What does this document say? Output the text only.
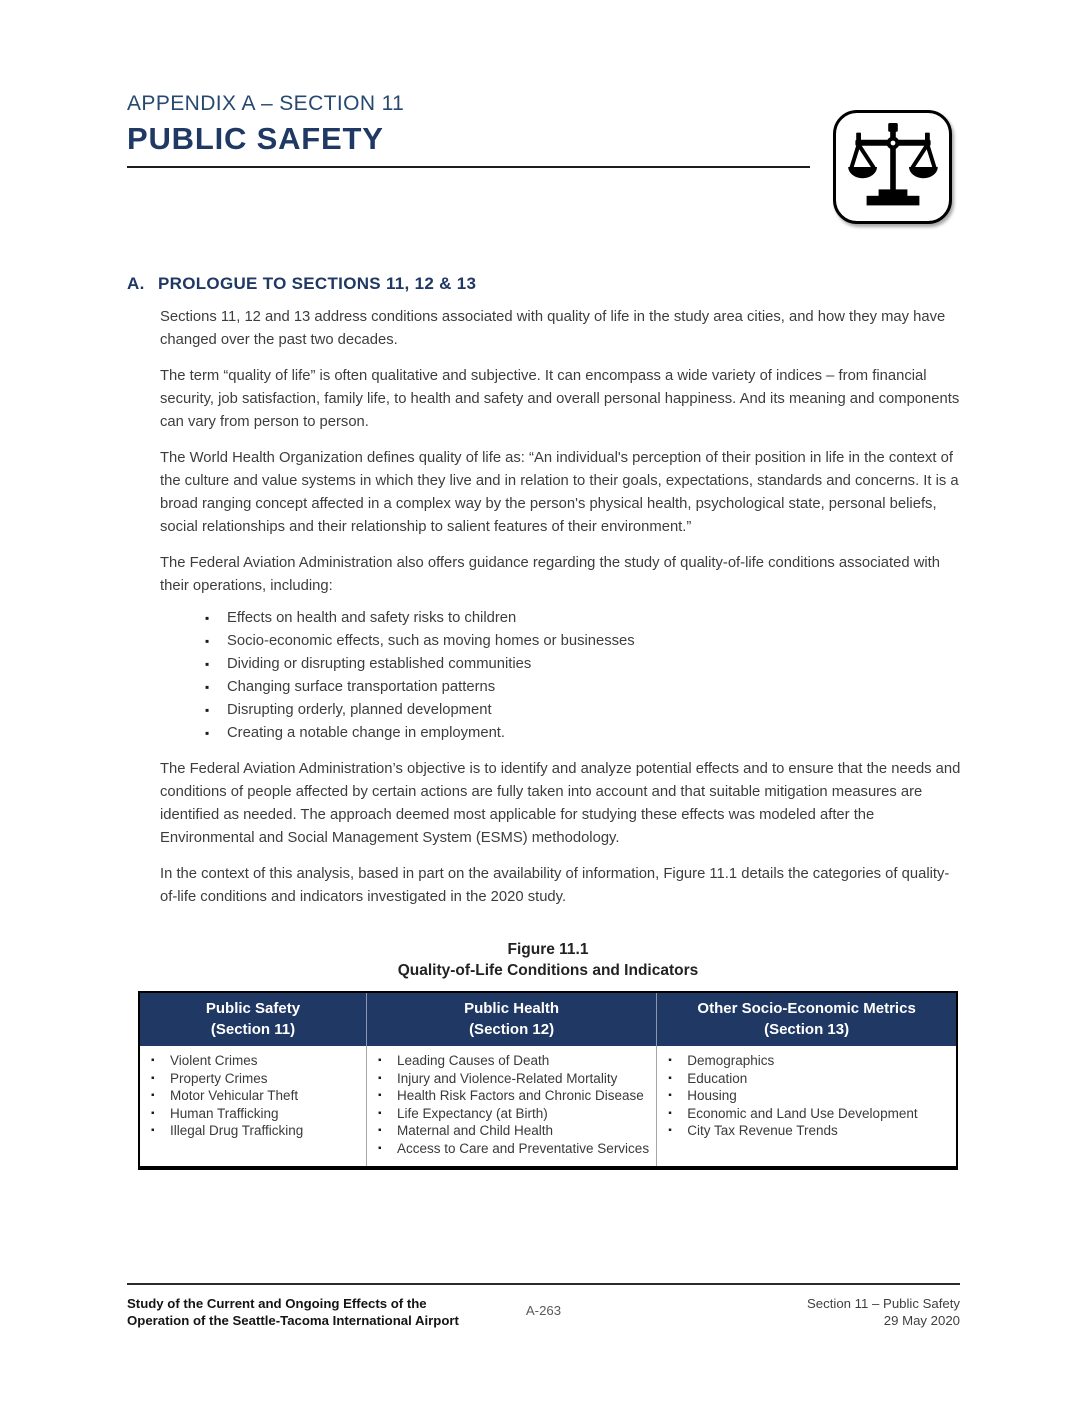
APPENDIX A – SECTION 11
PUBLIC SAFETY
A. PROLOGUE TO SECTIONS 11, 12 & 13

Sections 11, 12 and 13 address conditions associated with quality of life in the study area cities, and how they may have changed over the past two decades.

The term “quality of life” is often qualitative and subjective. It can encompass a wide variety of indices – from financial security, job satisfaction, family life, to health and safety and overall personal happiness. And its meaning and components can vary from person to person.

The World Health Organization defines quality of life as: “An individual's perception of their position in life in the context of the culture and value systems in which they live and in relation to their goals, expectations, standards and concerns. It is a broad ranging concept affected in a complex way by the person's physical health, psychological state, personal beliefs, social relationships and their relationship to salient features of their environment.”

The Federal Aviation Administration also offers guidance regarding the study of quality-of-life conditions associated with their operations, including:

▪ Effects on health and safety risks to children
▪ Socio-economic effects, such as moving homes or businesses
▪ Dividing or disrupting established communities
▪ Changing surface transportation patterns
▪ Disrupting orderly, planned development
▪ Creating a notable change in employment.

The Federal Aviation Administration’s objective is to identify and analyze potential effects and to ensure that the needs and conditions of people affected by certain actions are fully taken into account and that suitable mitigation measures are identified as needed. The approach deemed most applicable for studying these effects was modeled after the Environmental and Social Management System (ESMS) methodology.

In the context of this analysis, based in part on the availability of information, Figure 11.1 details the categories of quality-of-life conditions and indicators investigated in the 2020 study.

Figure 11.1
Quality-of-Life Conditions and Indicators
Public Safety
(Section 11)

Public Health
(Section 12)

Other Socio-Economic Metrics
(Section 13)

▪ Violent Crimes
▪ Property Crimes
▪ Motor Vehicular Theft
▪ Human Trafficking
▪ Illegal Drug Trafficking

▪ Leading Causes of Death
▪ Injury and Violence-Related Mortality
▪ Health Risk Factors and Chronic Disease
▪ Life Expectancy (at Birth)
▪ Maternal and Child Health
▪ Access to Care and Preventative Services

▪ Demographics
▪ Education
▪ Housing
▪ Economic and Land Use Development
▪ City Tax Revenue Trends
Study of the Current and Ongoing Effects of the
Operation of the Seattle-Tacoma International Airport
A-263	Section 11 – Public Safety
29 May 2020
